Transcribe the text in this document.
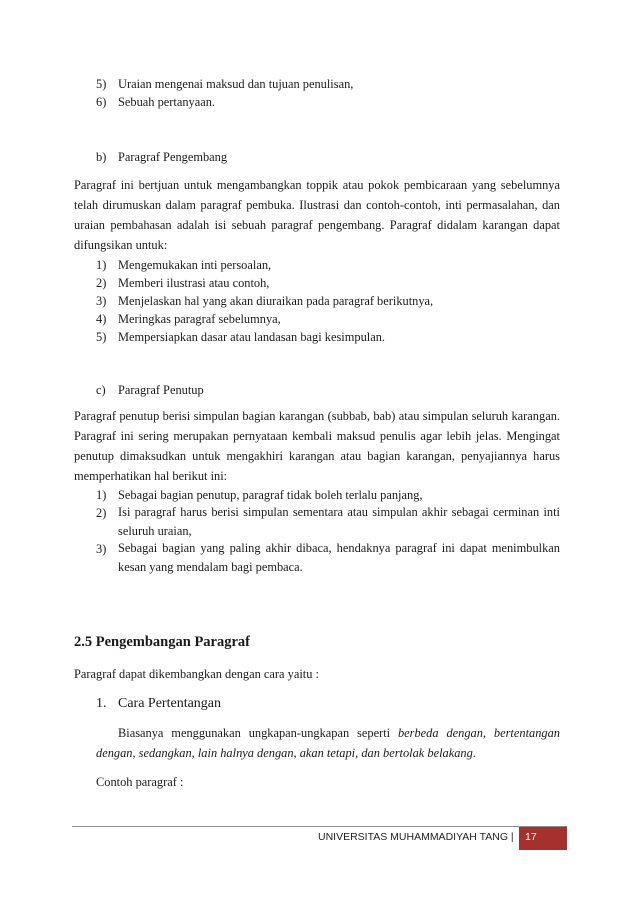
5) Uraian mengenai maksud dan tujuan penulisan,
6) Sebuah pertanyaan.
b) Paragraf Pengembang
Paragraf ini bertjuan untuk mengambangkan toppik atau pokok pembicaraan yang sebelumnya telah dirumuskan dalam paragraf pembuka. Ilustrasi dan contoh-contoh, inti permasalahan, dan uraian pembahasan adalah isi sebuah paragraf pengembang. Paragraf didalam karangan dapat difungsikan untuk:
1) Mengemukakan inti persoalan,
2) Memberi ilustrasi atau contoh,
3) Menjelaskan hal yang akan diuraikan pada paragraf berikutnya,
4) Meringkas paragraf sebelumnya,
5) Mempersiapkan dasar atau landasan bagi kesimpulan.
c) Paragraf Penutup
Paragraf penutup berisi simpulan bagian karangan (subbab, bab) atau simpulan seluruh karangan. Paragraf ini sering merupakan pernyataan kembali maksud penulis agar lebih jelas. Mengingat penutup dimaksudkan untuk mengakhiri karangan atau bagian karangan, penyajiannya harus memperhatikan hal berikut ini:
1) Sebagai bagian penutup, paragraf tidak boleh terlalu panjang,
2) Isi paragraf harus berisi simpulan sementara atau simpulan akhir sebagai cerminan inti seluruh uraian,
3) Sebagai bagian yang paling akhir dibaca, hendaknya paragraf ini dapat menimbulkan kesan yang mendalam bagi pembaca.
2.5 Pengembangan Paragraf
Paragraf dapat dikembangkan dengan cara yaitu :
1. Cara Pertentangan
Biasanya menggunakan ungkapan-ungkapan seperti berbeda dengan, bertentangan dengan, sedangkan, lain halnya dengan, akan tetapi, dan bertolak belakang.
Contoh paragraf :
UNIVERSITAS MUHAMMADIYAH TANG |	17
